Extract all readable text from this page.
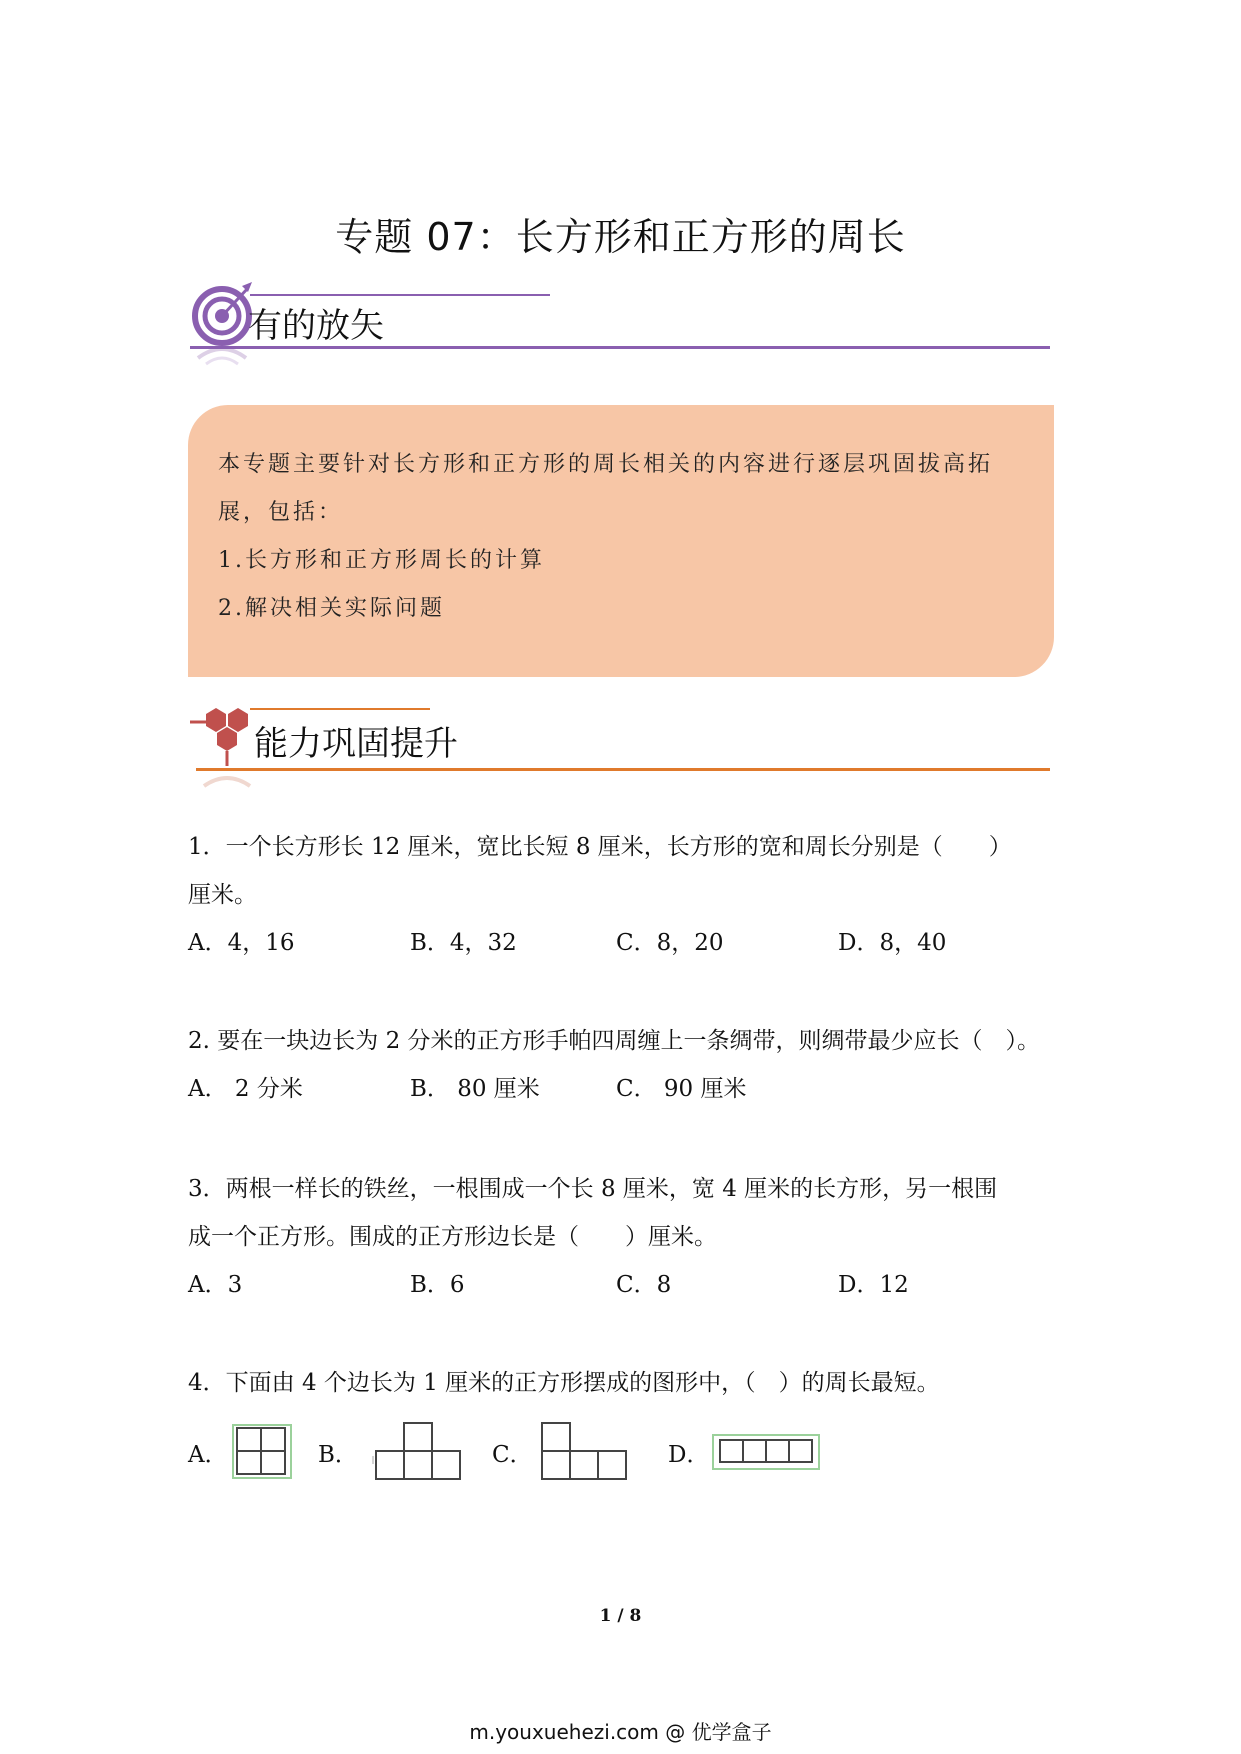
专题 07：长方形和正方形的周长
有的放矢
本专题主要针对长方形和正方形的周长相关的内容进行逐层巩固拔高拓
展，包括：
1.长方形和正方形周长的计算
2.解决相关实际问题
能力巩固提升
1．一个长方形长 12 厘米，宽比长短 8 厘米，长方形的宽和周长分别是（　　）
厘米。
A．4，16	B．4，32	C．8，20	D．8，40
2. 要在一块边长为 2 分米的正方形手帕四周缠上一条绸带，则绸带最少应长（　）。
A． 2 分米	B． 80 厘米	C． 90 厘米
3．两根一样长的铁丝，一根围成一个长 8 厘米，宽 4 厘米的长方形，另一根围
成一个正方形。围成的正方形边长是（　　）厘米。
A．3	B．6	C．8	D．12
4．下面由 4 个边长为 1 厘米的正方形摆成的图形中，（　）的周长最短。
A．	B．	C．	D．
1 / 8
m.youxuehezi.com @ 优学盒子
